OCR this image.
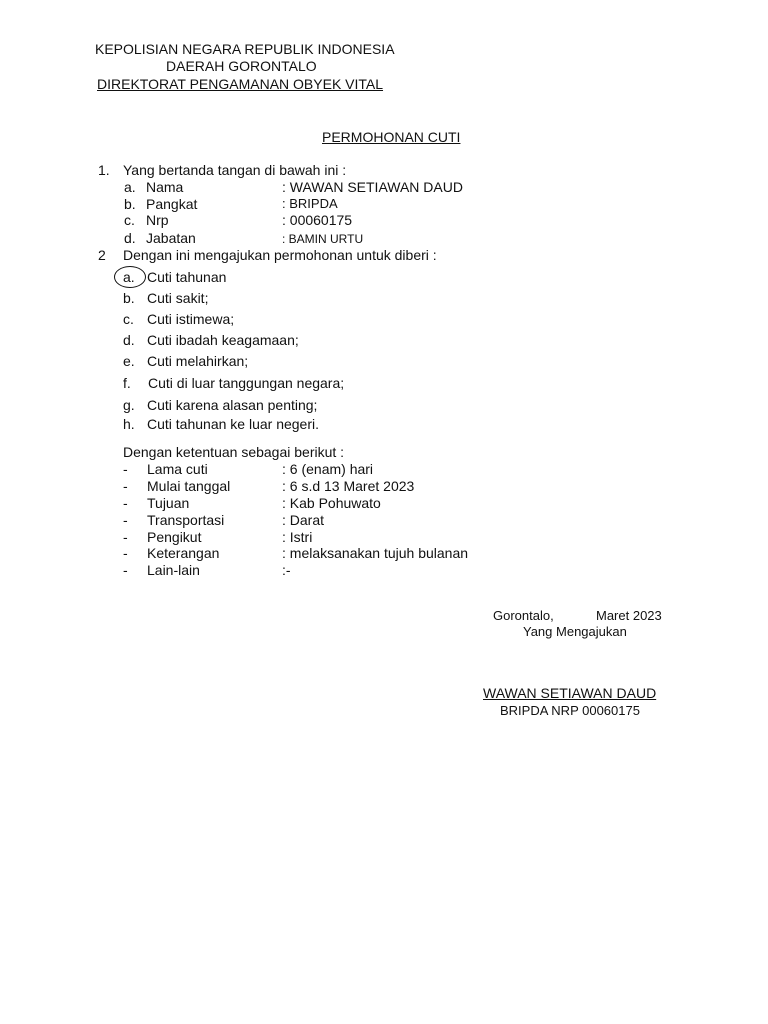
KEPOLISIAN NEGARA REPUBLIK INDONESIA
DAERAH GORONTALO
DIREKTORAT PENGAMANAN OBYEK VITAL
PERMOHONAN CUTI
1. Yang bertanda tangan di bawah ini :
a. Nama	: WAWAN SETIAWAN DAUD
b. Pangkat	: BRIPDA
c. Nrp	: 00060175
d. Jabatan	: BAMIN URTU
2 Dengan ini mengajukan permohonan untuk diberi :
a. Cuti tahunan
b. Cuti sakit;
c. Cuti istimewa;
d. Cuti ibadah keagamaan;
e. Cuti melahirkan;
f. Cuti di luar tanggungan negara;
g. Cuti karena alasan penting;
h. Cuti tahunan ke luar negeri.
Dengan ketentuan sebagai berikut :
- Lama cuti	: 6 (enam) hari
- Mulai tanggal	: 6 s.d 13 Maret 2023
- Tujuan	: Kab Pohuwato
- Transportasi	: Darat
- Pengikut	: Istri
- Keterangan	: melaksanakan tujuh bulanan
- Lain-lain	:-
Gorontalo,	Maret 2023
Yang Mengajukan
WAWAN SETIAWAN DAUD
BRIPDA NRP 00060175
